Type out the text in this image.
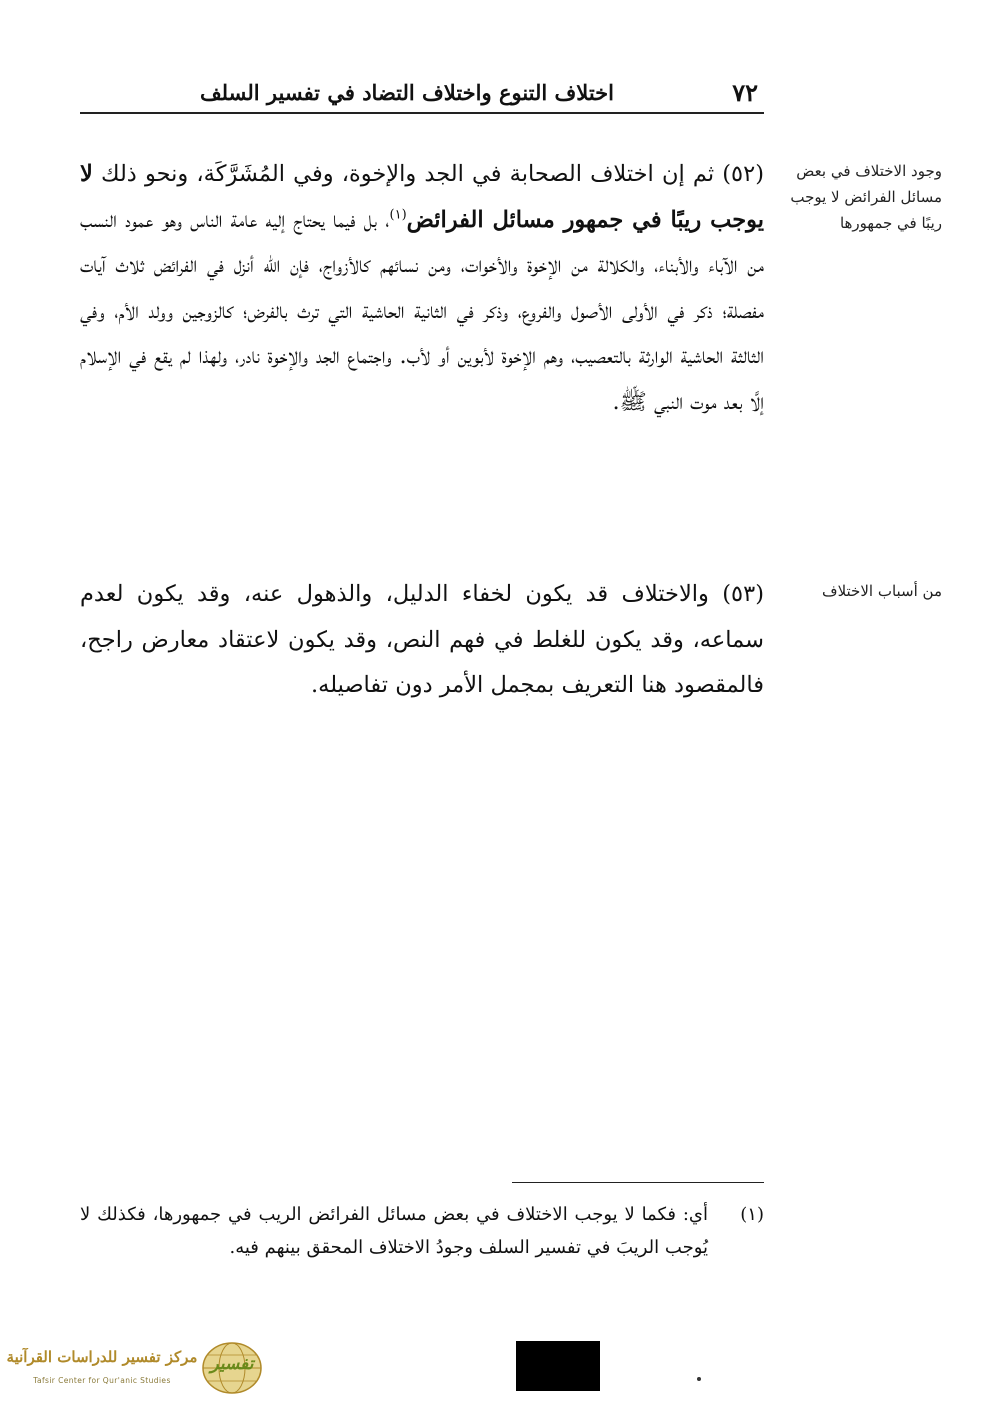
٧٢
اختلاف التنوع واختلاف التضاد في تفسير السلف
(٥٢) ثم إن اختلاف الصحابة في الجد والإخوة، وفي المُشَرَّكَة، ونحو ذلك لا يوجب ريبًا في جمهور مسائل الفرائض$^{(١)}$، بل فيما يحتاج إليه عامة الناس وهو عمود النسب من الآباء والأبناء، والكلالة من الإخوة والأخوات، ومن نسائهم كالأزواج، فإن الله أنزل في الفرائض ثلاث آيات مفصلة؛ ذكر في الأولى الأصول والفروع، وذكر في الثانية الحاشية التي ترث بالفرض؛ كالزوجين وولد الأم، وفي الثالثة الحاشية الوارثة بالتعصيب، وهم الإخوة لأبوين أو لأب. واجتماع الجد والإخوة نادر، ولهذا لم يقع في الإسلام إلَّا بعد موت النبي ﷺ.
(٥٣) والاختلاف قد يكون لخفاء الدليل، والذهول عنه، وقد يكون لعدم سماعه، وقد يكون للغلط في فهم النص، وقد يكون لاعتقاد معارض راجح، فالمقصود هنا التعريف بمجمل الأمر دون تفاصيله.
وجود الاختلاف في بعض مسائل الفرائض لا يوجب ريبًا في جمهورها
من أسباب الاختلاف
(١)
أي: فكما لا يوجب الاختلاف في بعض مسائل الفرائض الريب في جمهورها، فكذلك لا يُوجب الريبَ في تفسير السلف وجودُ الاختلاف المحقق بينهم فيه.
مركز تفسير للدراسات القرآنية
Tafsir Center for Qur'anic Studies
تفسير
